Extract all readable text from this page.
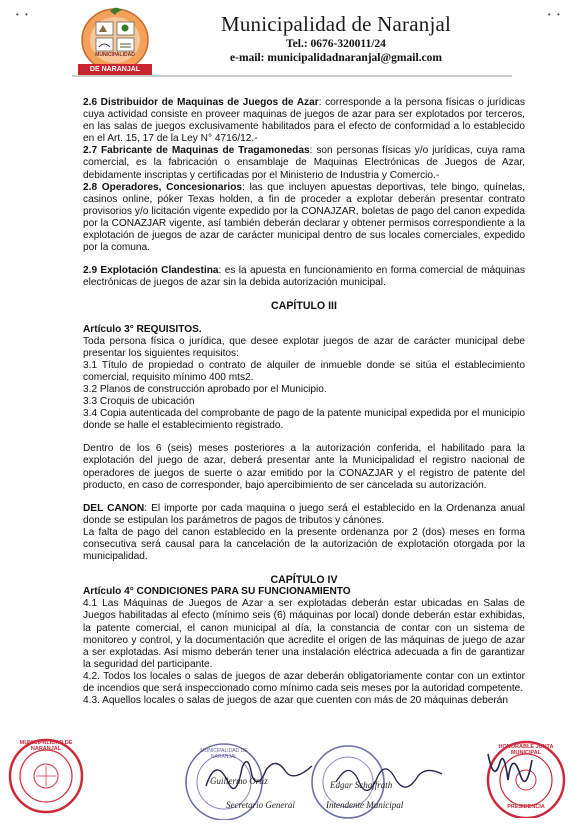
• •	• •
DE NARANJAL
MUNICIPALIDAD
Municipalidad de Naranjal
Tel.: 0676-320011/24
e-mail: municipalidadnaranjal@gmail.com

2.6 Distribuidor de Maquinas de Juegos de Azar: corresponde a la persona físicas o jurídicas cuya actividad consiste en proveer maquinas de juegos de azar para ser explotados por terceros, en las salas de juegos exclusivamente habilitados para el efecto de conformidad a lo establecido en el Art. 15, 17 de la Ley N° 4716/12.-

2.7 Fabricante de Maquinas de Tragamonedas: son personas físicas y/o jurídicas, cuya rama comercial, es la fabricación o ensamblaje de Maquinas Electrónicas de Juegos de Azar, debidamente inscriptas y certificadas por el Ministerio de Industria y Comercio.-

2.8 Operadores, Concesionarios: las que incluyen apuestas deportivas, tele bingo, quínelas, casinos online, póker Texas holden, a fin de proceder a explotar deberán presentar contrato provisorios y/o licitación vigente expedido por la CONAJZAR, boletas de pago del canon expedida por la CONAZJAR vigente, así también deberán declarar y obtener permisos correspondiente a la explotación de juegos de azar de carácter municipal dentro de sus locales comerciales, expedido por la comuna.

2.9 Explotación Clandestina: es la apuesta en funcionamiento en forma comercial de máquinas electrónicas de juegos de azar sin la debida autorización municipal.

CAPÍTULO III

Artículo 3° REQUISITOS.

Toda persona física o jurídica, que desee explotar juegos de azar de carácter municipal debe presentar los siguientes requisitos:

3.1 Título de propiedad o contrato de alquiler de inmueble donde se sitúa el establecimiento comercial, requisito mínimo 400 mts2.

3.2 Planos de construcción aprobado por el Municipio.

3.3 Croquis de ubicación

3.4 Copia autenticada del comprobante de pago de la patente municipal expedida por el municipio donde se halle el establecimiento registrado.

Dentro de los 6 (seis) meses posteriores a la autorización conferida, el habilitado para la explotación del juego de azar, deberá presentar ante la Municipalidad el registro nacional de operadores de juegos de suerte o azar emitido por la CONAZJAR y el registro de patente del producto, en caso de corresponder, bajo apercibimiento de ser cancelada su autorización.

DEL CANON: El importe por cada maquina o juego será el establecido en la Ordenanza anual donde se estipulan los parámetros de pagos de tributos y cánones.

La falta de pago del canon establecido en la presente ordenanza por 2 (dos) meses en forma consecutiva será causal para la cancelación de la autorización de explotación otorgada por la municipalidad.

CAPÍTULO IV

Artículo 4° CONDICIONES PARA SU FUNCIONAMIENTO

4.1 Las Máquinas de Juegos de Azar a ser explotadas deberán estar ubicadas en Salas de Juegos habilitadas al efecto (mínimo seis (6) máquinas por local) donde deberán estar exhibidas, la patente comercial, el canon municipal al día, la constancia de contar con un sistema de monitoreo y control, y la documentación que acredite el origen de las máquinas de juego de azar a ser explotadas. Así mismo deberán tener una instalación eléctrica adecuada a fin de garantizar la seguridad del participante.

4.2. Todos los locales o salas de juegos de azar deberán obligatoriamente contar con un extintor de incendios que será inspeccionado como mínimo cada seis meses por la autoridad competente.

4.3. Aquellos locales o salas de juegos de azar que cuenten con más de 20 máquinas deberán

MUNICIPALIDAD DE NARANJAL	MUNICIPALIDAD DE NARANJAL
HONORABLE JUNTA MUNICIPAL
PRESIDENCIA
Guillermo Ortiz
Secretario General
Edgar Schaffrath
Intendente Municipal
